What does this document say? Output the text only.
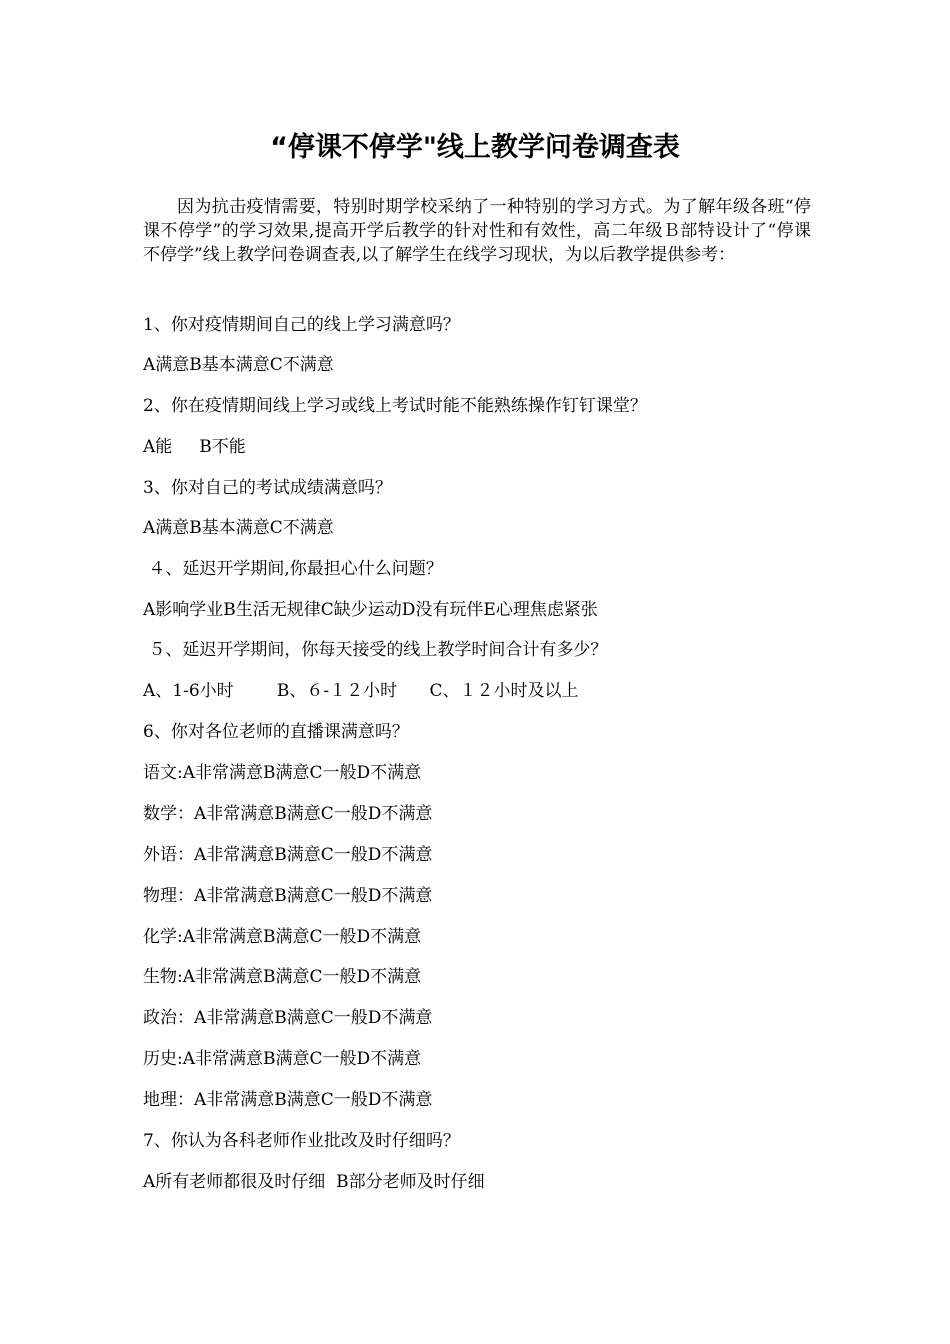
“停课不停学"线上教学问卷调查表
因为抗击疫情需要，特别时期学校采纳了一种特别的学习方式。为了解年级各班“停课不停学”的学习效果,提高开学后教学的针对性和有效性，高二年级Ｂ部特设计了“停课不停学”线上教学问卷调查表,以了解学生在线学习现状，为以后教学提供参考：
1、你对疫情期间自己的线上学习满意吗？
A满意B基本满意C不满意
2、你在疫情期间线上学习或线上考试时能不能熟练操作钉钉课堂？
A能     B不能
3、你对自己的考试成绩满意吗？
A满意B基本满意C不满意
４、延迟开学期间,你最担心什么问题？
A影响学业B生活无规律C缺少运动D没有玩伴E心理焦虑紧张
５、延迟开学期间，你每天接受的线上教学时间合计有多少？
A、1-6小时        B、６-１２小时      C、１２小时及以上
6、你对各位老师的直播课满意吗？
语文:A非常满意B满意C一般D不满意
数学：A非常满意B满意C一般D不满意
外语：A非常满意B满意C一般D不满意
物理：A非常满意B满意C一般D不满意
化学:A非常满意B满意C一般D不满意
生物:A非常满意B满意C一般D不满意
政治：A非常满意B满意C一般D不满意
历史:A非常满意B满意C一般D不满意
地理：A非常满意B满意C一般D不满意
7、你认为各科老师作业批改及时仔细吗？
A所有老师都很及时仔细  B部分老师及时仔细
